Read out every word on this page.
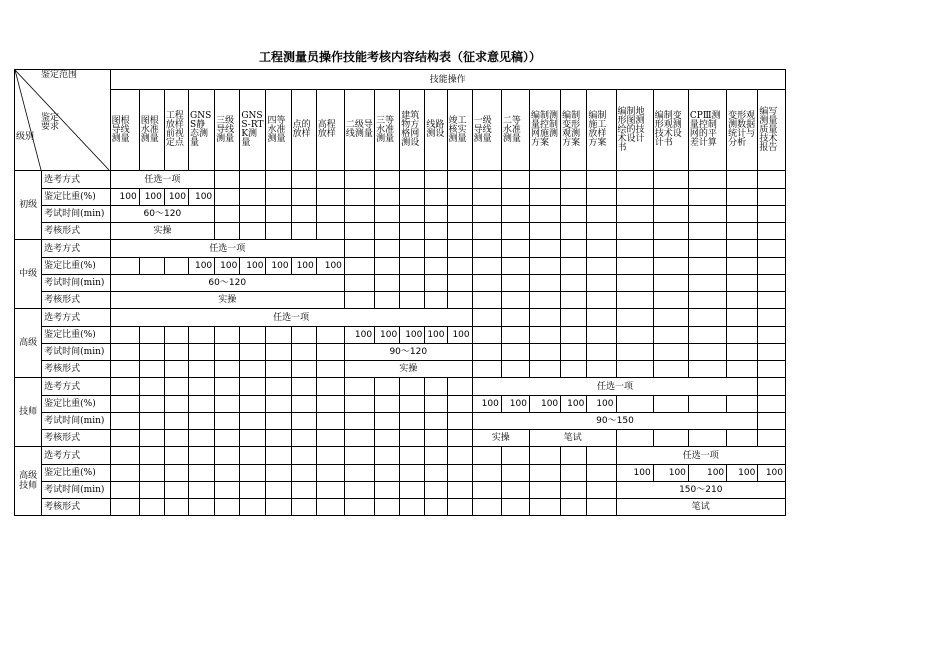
工程测量员操作技能考核内容结构表（征求意见稿））
鉴定范围
鉴定
要求
级别		技能操作																							
		图根导线测量	图根水准测量	工程放样前视定点	GNSS静态测量	三级导线测量	GNSS-RTK测量	四等水准测量	点的放样	高程放样	二级导线测量	三等水准测量	建筑物方格网测设	线路测设	竣工核实测量	一级导线测量	二等水准测量	编制测量控制网施测方案	编制变形观测方案	编制施工放样方案	编制地形图测绘的技术设计书	编制变形观测技术设计书	CPⅢ测量控制网的平差计算	变形观测数据统计与分析	编写测量质量技术报告
初级	选考方式	任选一项																							
	鉴定比重(%)	100	100	100	100																				
	考试时间(min)	60～120																							
	考核形式	实操																							
中级	选考方式	任选一项																							
	鉴定比重(%)				100	100	100	100	100	100															
	考试时间(min)	60～120																							
	考核形式	实操																							
高级	选考方式	任选一项																							
	鉴定比重(%)										100	100	100	100	100										
	考试时间(min)										90～120														
	考核形式										实操														
技师	选考方式															任选一项									
	鉴定比重(%)															100	100	100	100	100					
	考试时间(min)															90～150									
	考核形式															实操		笔试							
高级技师	选考方式																				任选一项				
	鉴定比重(%)																				100	100	100	100	100
	考试时间(min)																				150～210				
	考核形式																				笔试				
